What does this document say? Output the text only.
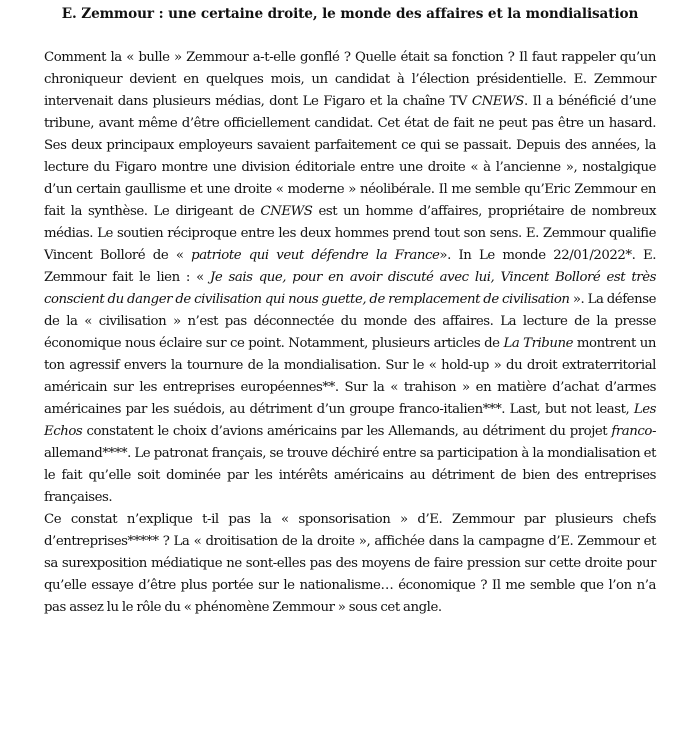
E. Zemmour : une certaine droite, le monde des affaires et la mondialisation

Comment la « bulle » Zemmour a-t-elle gonflé ? Quelle était sa fonction ? Il faut rappeler qu’un chroniqueur devient en quelques mois, un candidat à l’élection présidentielle. E. Zemmour intervenait dans plusieurs médias, dont Le Figaro et la chaîne TV CNEWS. Il a bénéficié d’une tribune, avant même d’être officiellement candidat. Cet état de fait ne peut pas être un hasard. Ses deux principaux employeurs savaient parfaitement ce qui se passait. Depuis des années, la lecture du Figaro montre une division éditoriale entre une droite « à l’ancienne », nostalgique d’un certain gaullisme et une droite « moderne » néolibérale. Il me semble qu’Eric Zemmour en fait la synthèse. Le dirigeant de CNEWS est un homme d’affaires, propriétaire de nombreux médias. Le soutien réciproque entre les deux hommes prend tout son sens. E. Zemmour qualifie Vincent Bolloré de « patriote qui veut défendre la France». In Le monde 22/01/2022*. E. Zemmour fait le lien : « Je sais que, pour en avoir discuté avec lui, Vincent Bolloré est très conscient du danger de civilisation qui nous guette, de remplacement de civilisation ». La défense de la « civilisation » n’est pas déconnectée du monde des affaires. La lecture de la presse économique nous éclaire sur ce point. Notamment, plusieurs articles de La Tribune montrent un ton agressif envers la tournure de la mondialisation. Sur le « hold-up » du droit extraterritorial américain sur les entreprises européennes**. Sur la « trahison » en matière d’achat d’armes américaines par les suédois, au détriment d’un groupe franco-italien***. Last, but not least, Les Echos constatent le choix d’avions américains par les Allemands, au détriment du projet franco-allemand****. Le patronat français, se trouve déchiré entre sa participation à la mondialisation et le fait qu’elle soit dominée par les intérêts américains au détriment de bien des entreprises françaises.

Ce constat n’explique t-il pas la « sponsorisation » d’E. Zemmour par plusieurs chefs d’entreprises***** ? La « droitisation de la droite », affichée dans la campagne d’E. Zemmour et sa surexposition médiatique ne sont-elles pas des moyens de faire pression sur cette droite pour qu’elle essaye d’être plus portée sur le nationalisme… économique ? Il me semble que l’on n’a pas assez lu le rôle du « phénomène Zemmour » sous cet angle.
